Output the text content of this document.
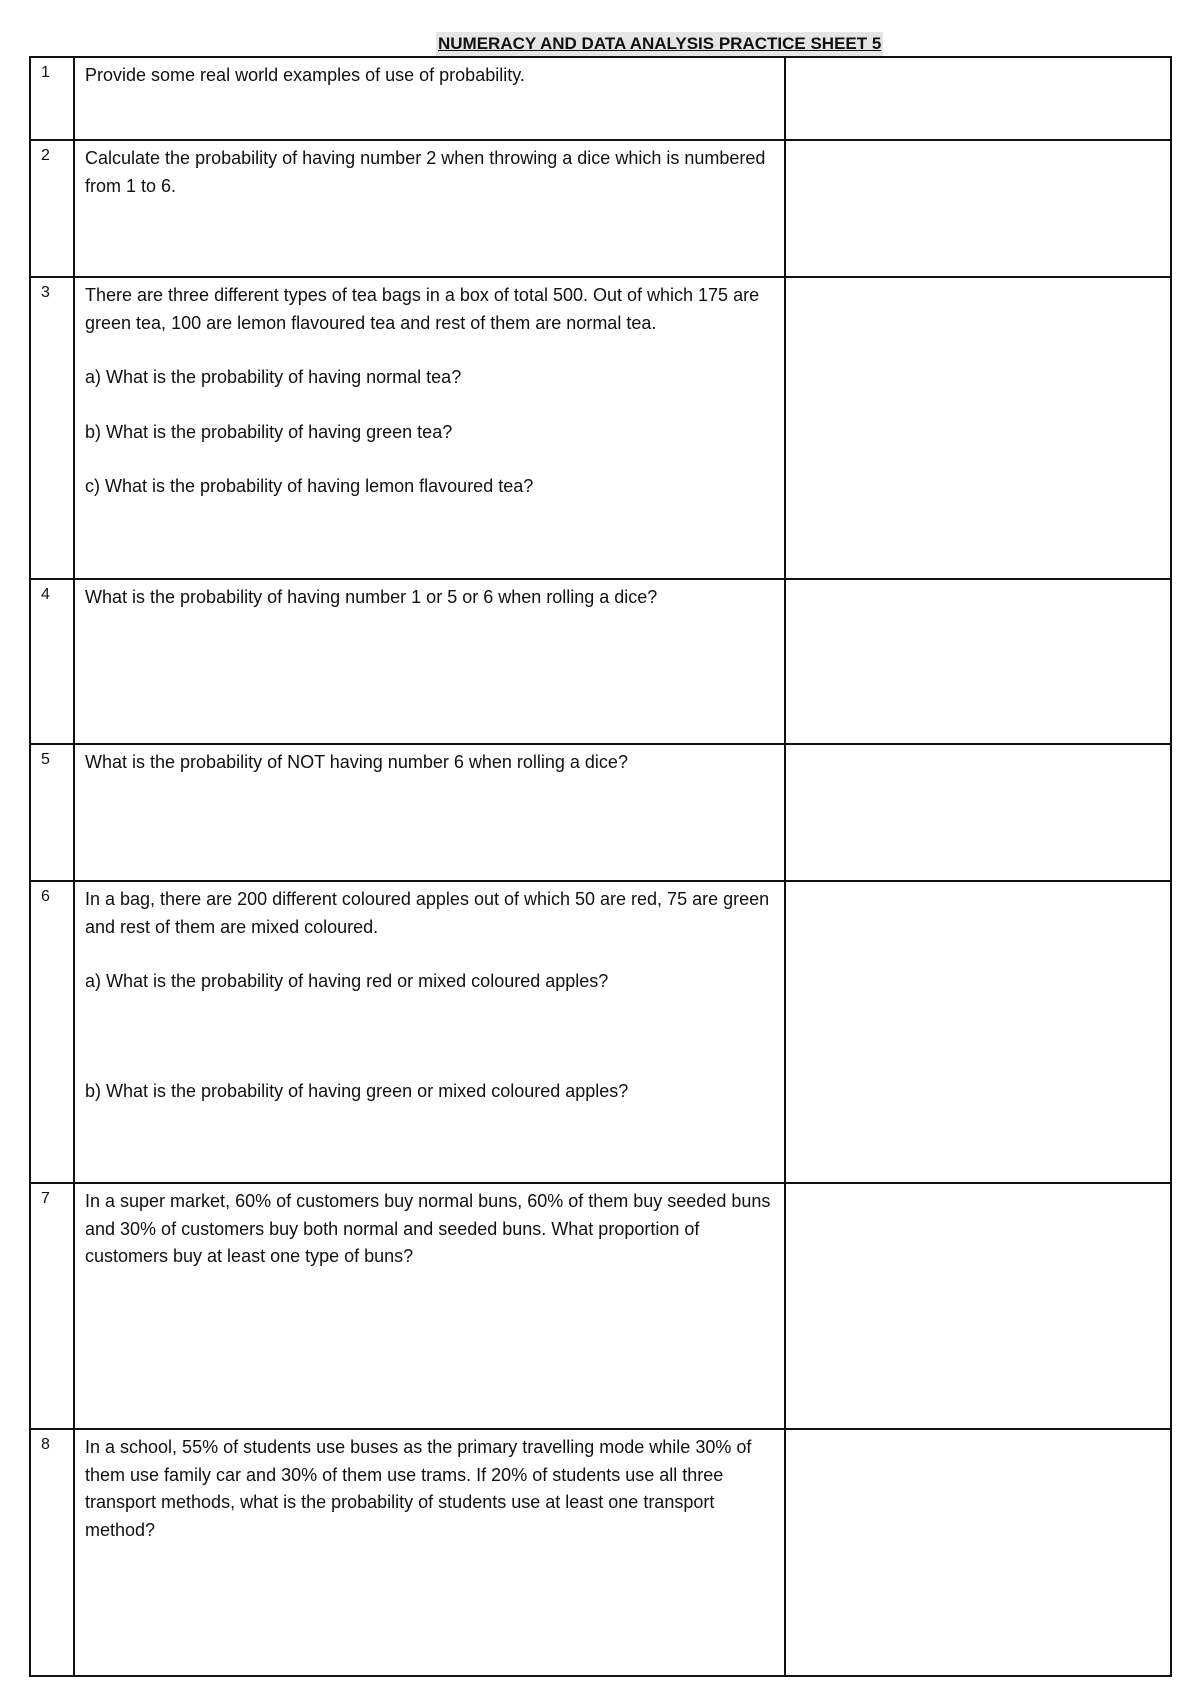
NUMERACY AND DATA ANALYSIS PRACTICE SHEET 5
1	Provide some real world examples of use of probability.	

2	Calculate the probability of having number 2 when throwing a dice which is numbered from 1 to 6.	

3	There are three different types of tea bags in a box of total 500. Out of which 175 are green tea, 100 are lemon flavoured tea and rest of them are normal tea.

a) What is the probability of having normal tea?

b) What is the probability of having green tea?

c) What is the probability of having lemon flavoured tea?	

4	What is the probability of having number 1 or 5 or 6 when rolling a dice?	

5	What is the probability of NOT having number 6 when rolling a dice?	

6	In a bag, there are 200 different coloured apples out of which 50 are red, 75 are green and rest of them are mixed coloured.

a) What is the probability of having red or mixed coloured apples?

b) What is the probability of having green or mixed coloured apples?	

7	In a super market, 60% of customers buy normal buns, 60% of them buy seeded buns and 30% of customers buy both normal and seeded buns. What proportion of customers buy at least one type of buns?	

8	In a school, 55% of students use buses as the primary travelling mode while 30% of them use family car and 30% of them use trams. If 20% of students use all three transport methods, what is the probability of students use at least one transport method?	
